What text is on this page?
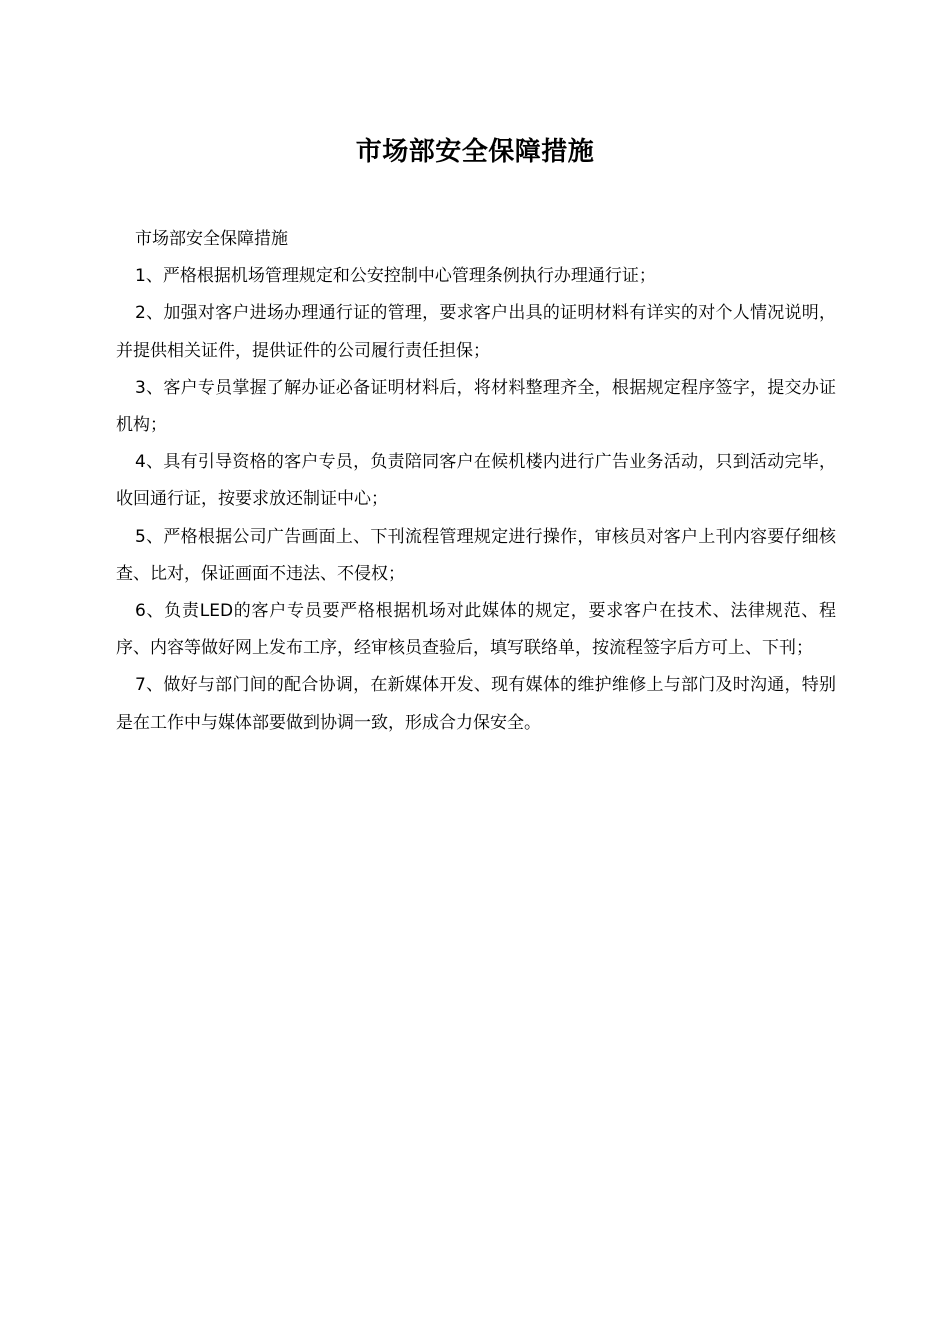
市场部安全保障措施

市场部安全保障措施

1、严格根据机场管理规定和公安控制中心管理条例执行办理通行证；

2、加强对客户进场办理通行证的管理，要求客户出具的证明材料有详实的对个人情况说明，并提供相关证件，提供证件的公司履行责任担保；

3、客户专员掌握了解办证必备证明材料后，将材料整理齐全，根据规定程序签字，提交办证机构；

4、具有引导资格的客户专员，负责陪同客户在候机楼内进行广告业务活动，只到活动完毕，收回通行证，按要求放还制证中心；

5、严格根据公司广告画面上、下刊流程管理规定进行操作，审核员对客户上刊内容要仔细核查、比对，保证画面不违法、不侵权；

6、负责LED的客户专员要严格根据机场对此媒体的规定，要求客户在技术、法律规范、程序、内容等做好网上发布工序，经审核员查验后，填写联络单，按流程签字后方可上、下刊；

7、做好与部门间的配合协调，在新媒体开发、现有媒体的维护维修上与部门及时沟通，特别是在工作中与媒体部要做到协调一致，形成合力保安全。
